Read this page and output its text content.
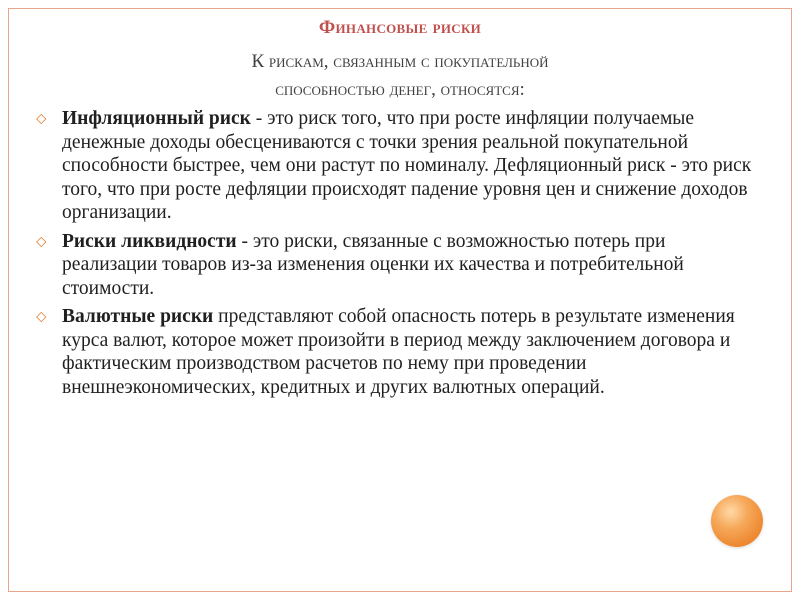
Финансовые риски
К рискам, связанным с покупательной
способностью денег, относятся:
⬦ Инфляционный риск - это риск того, что при росте инфляции получаемые денежные доходы обесцениваются с точки зрения реальной покупательной способности быстрее, чем они растут по номиналу. Дефляционный риск - это риск того, что при росте дефляции происходят падение уровня цен и снижение доходов организации.
⬦ Риски ликвидности - это риски, связанные с возможностью потерь при реализации товаров из-за изменения оценки их качества и потребительной стоимости.
⬦ Валютные риски представляют собой опасность потерь в результате изменения курса валют, которое может произойти в период между заключением договора и фактическим производством расчетов по нему при проведении внешнеэкономических, кредитных и других валютных операций.
